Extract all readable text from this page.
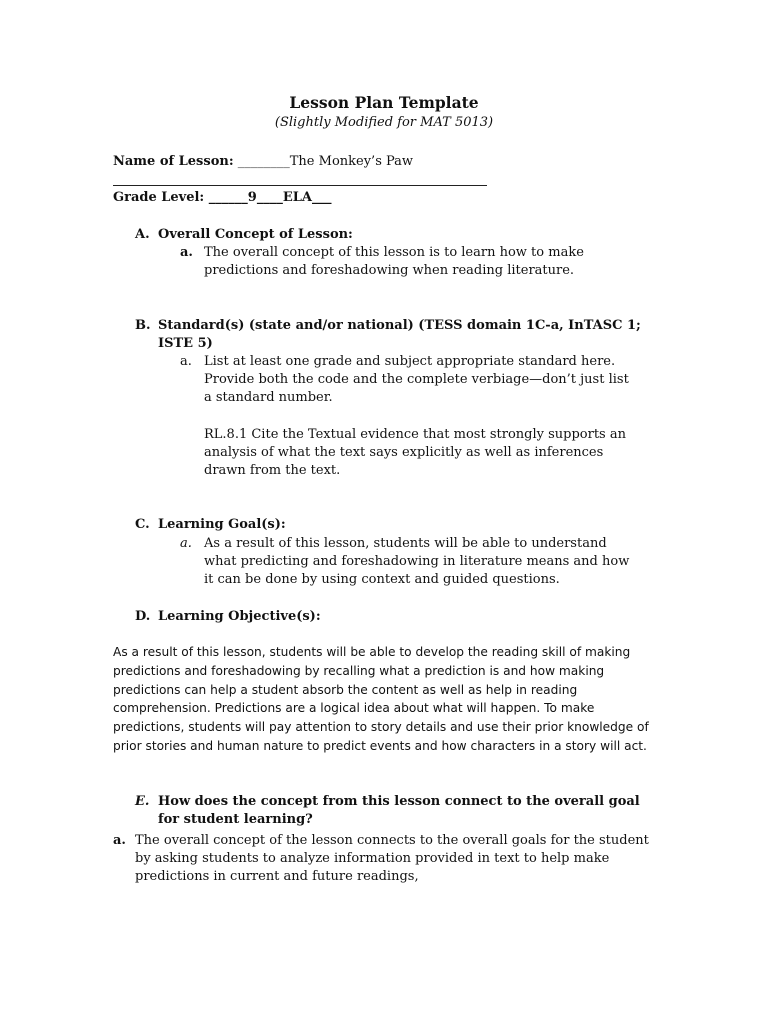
Lesson Plan Template
(Slightly Modified for MAT 5013)
Name of Lesson: ________The Monkey’s Paw
Grade Level: ______9____ELA___
A. Overall Concept of Lesson:
a. The overall concept of this lesson is to learn how to make predictions and foreshadowing when reading literature.
B. Standard(s) (state and/or national) (TESS domain 1C-a, InTASC 1; ISTE 5)
a. List at least one grade and subject appropriate standard here. Provide both the code and the complete verbiage—don’t just list a standard number.
RL.8.1 Cite the Textual evidence that most strongly supports an analysis of what the text says explicitly as well as inferences drawn from the text.
C. Learning Goal(s):
a. As a result of this lesson, students will be able to understand what predicting and foreshadowing in literature means and how it can be done by using context and guided questions.
D. Learning Objective(s):
As a result of this lesson, students will be able to develop the reading skill of making predictions and foreshadowing by recalling what a prediction is and how making predictions can help a student absorb the content as well as help in reading comprehension. Predictions are a logical idea about what will happen. To make predictions, students will pay attention to story details and use their prior knowledge of prior stories and human nature to predict events and how characters in a story will act.
E. How does the concept from this lesson connect to the overall goal for student learning?
a. The overall concept of the lesson connects to the overall goals for the student by asking students to analyze information provided in text to help make predictions in current and future readings,
